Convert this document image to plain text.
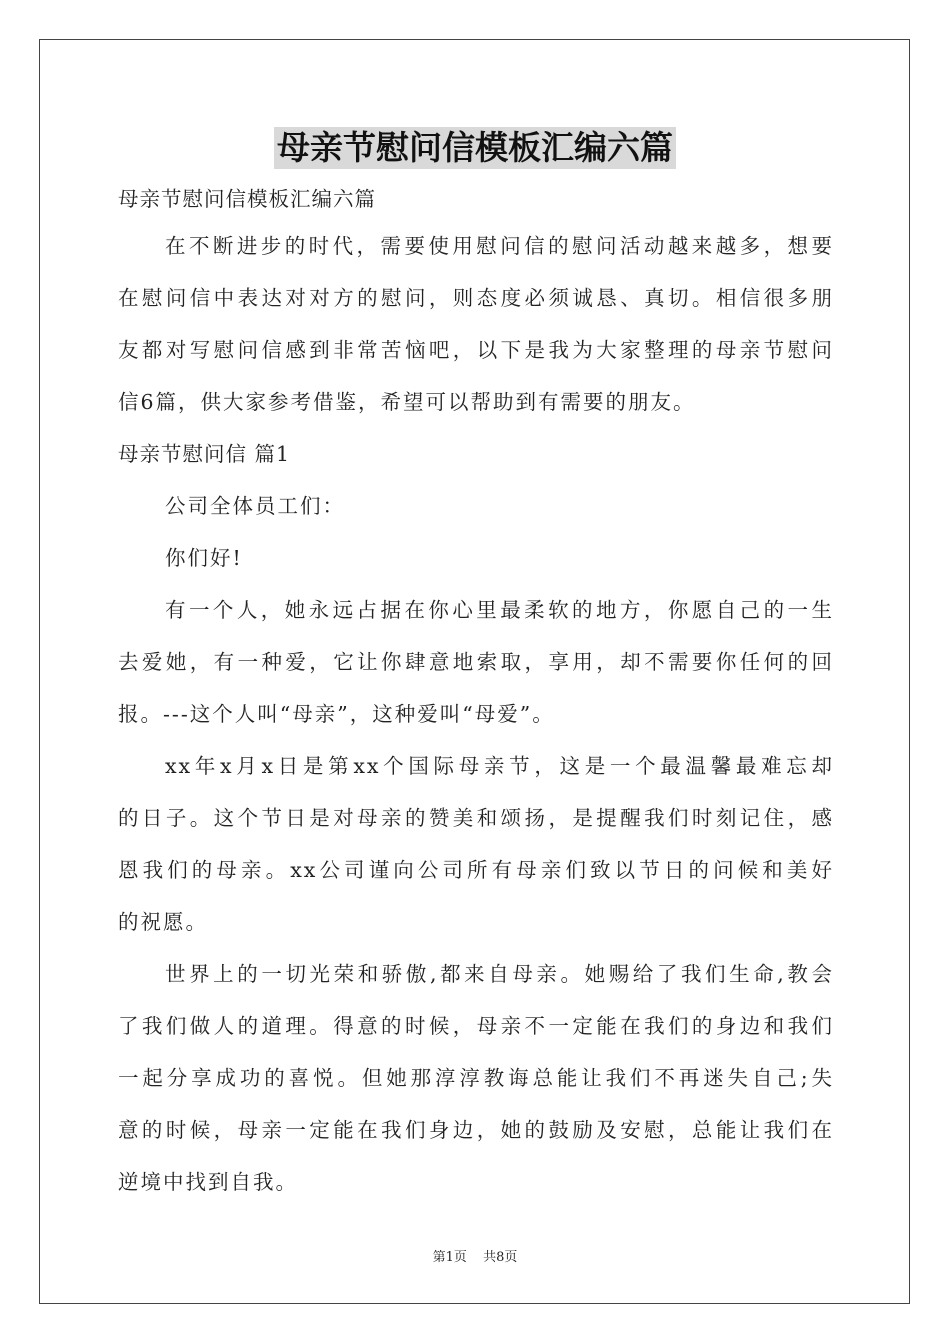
母亲节慰问信模板汇编六篇
母亲节慰问信模板汇编六篇
在不断进步的时代，需要使用慰问信的慰问活动越来越多，想要
在慰问信中表达对对方的慰问，则态度必须诚恳、真切。相信很多朋
友都对写慰问信感到非常苦恼吧，以下是我为大家整理的母亲节慰问
信6篇，供大家参考借鉴，希望可以帮助到有需要的朋友。
母亲节慰问信 篇1
公司全体员工们：
你们好!
有一个人，她永远占据在你心里最柔软的地方，你愿自己的一生
去爱她，有一种爱，它让你肆意地索取，享用，却不需要你任何的回
报。---这个人叫“母亲”，这种爱叫“母爱”。
xx年x月x日是第xx个国际母亲节，这是一个最温馨最难忘却
的日子。这个节日是对母亲的赞美和颂扬，是提醒我们时刻记住，感
恩我们的母亲。xx公司谨向公司所有母亲们致以节日的问候和美好
的祝愿。
世界上的一切光荣和骄傲,都来自母亲。她赐给了我们生命,教会
了我们做人的道理。得意的时候，母亲不一定能在我们的身边和我们
一起分享成功的喜悦。但她那淳淳教诲总能让我们不再迷失自己;失
意的时候，母亲一定能在我们身边，她的鼓励及安慰，总能让我们在
逆境中找到自我。
第1页 共8页
